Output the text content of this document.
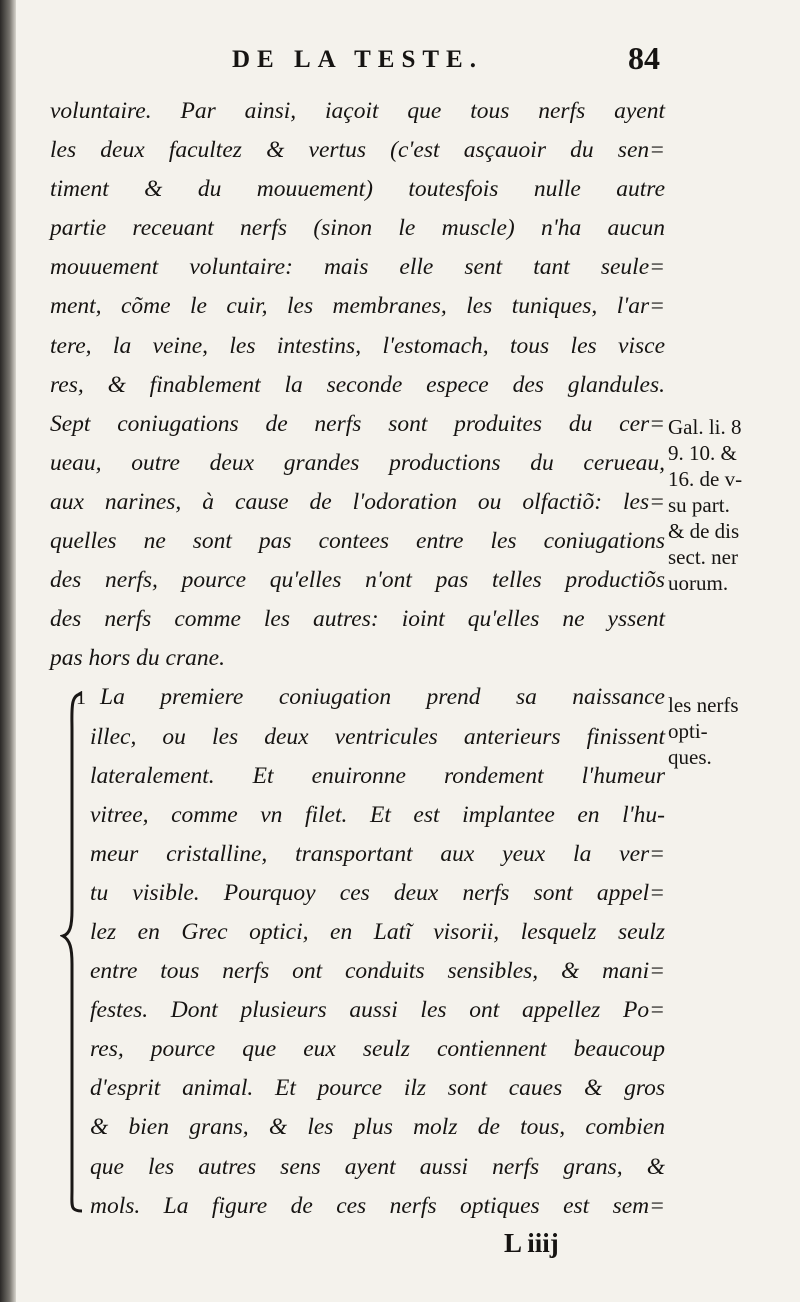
DE LA TESTE.	84
voluntaire. Par ainsi, iaçoit que tous nerfs ayent
les deux facultez & vertus (c'est asçauoir du sen=
timent & du mouuement) toutesfois nulle autre
partie receuant nerfs (sinon le muscle) n'ha aucun
mouuement voluntaire: mais elle sent tant seule=
ment, cõme le cuir, les membranes, les tuniques, l'ar=
tere, la veine, les intestins, l'estomach, tous les visce
res, & finablement la seconde espece des glandules.
Sept coniugations de nerfs sont produites du cer=
ueau, outre deux grandes productions du cerueau,
aux narines, à cause de l'odoration ou olfactiõ: les=
quelles ne sont pas contees entre les coniugations
des nerfs, pource qu'elles n'ont pas telles productiõs
des nerfs comme les autres: ioint qu'elles ne yssent
pas hors du crane.
1 La premiere coniugation prend sa naissance
illec, ou les deux ventricules anterieurs finissent
lateralement. Et enuironne rondement l'humeur
vitree, comme vn filet. Et est implantee en l'hu-
meur cristalline, transportant aux yeux la ver=
tu visible. Pourquoy ces deux nerfs sont appel=
lez en Grec optici, en Latĩ visorii, lesquelz seulz
entre tous nerfs ont conduits sensibles, & mani=
festes. Dont plusieurs aussi les ont appellez Po=
res, pource que eux seulz contiennent beaucoup
d'esprit animal. Et pource ilz sont caues & gros
& bien grans, & les plus molz de tous, combien
que les autres sens ayent aussi nerfs grans, &
mols. La figure de ces nerfs optiques est sem=
Gal. li. 8
9. 10. &
16. de v-
su part.
& de dis
sect. ner
uorum.
les nerfs
opti-
ques.
L iiij
